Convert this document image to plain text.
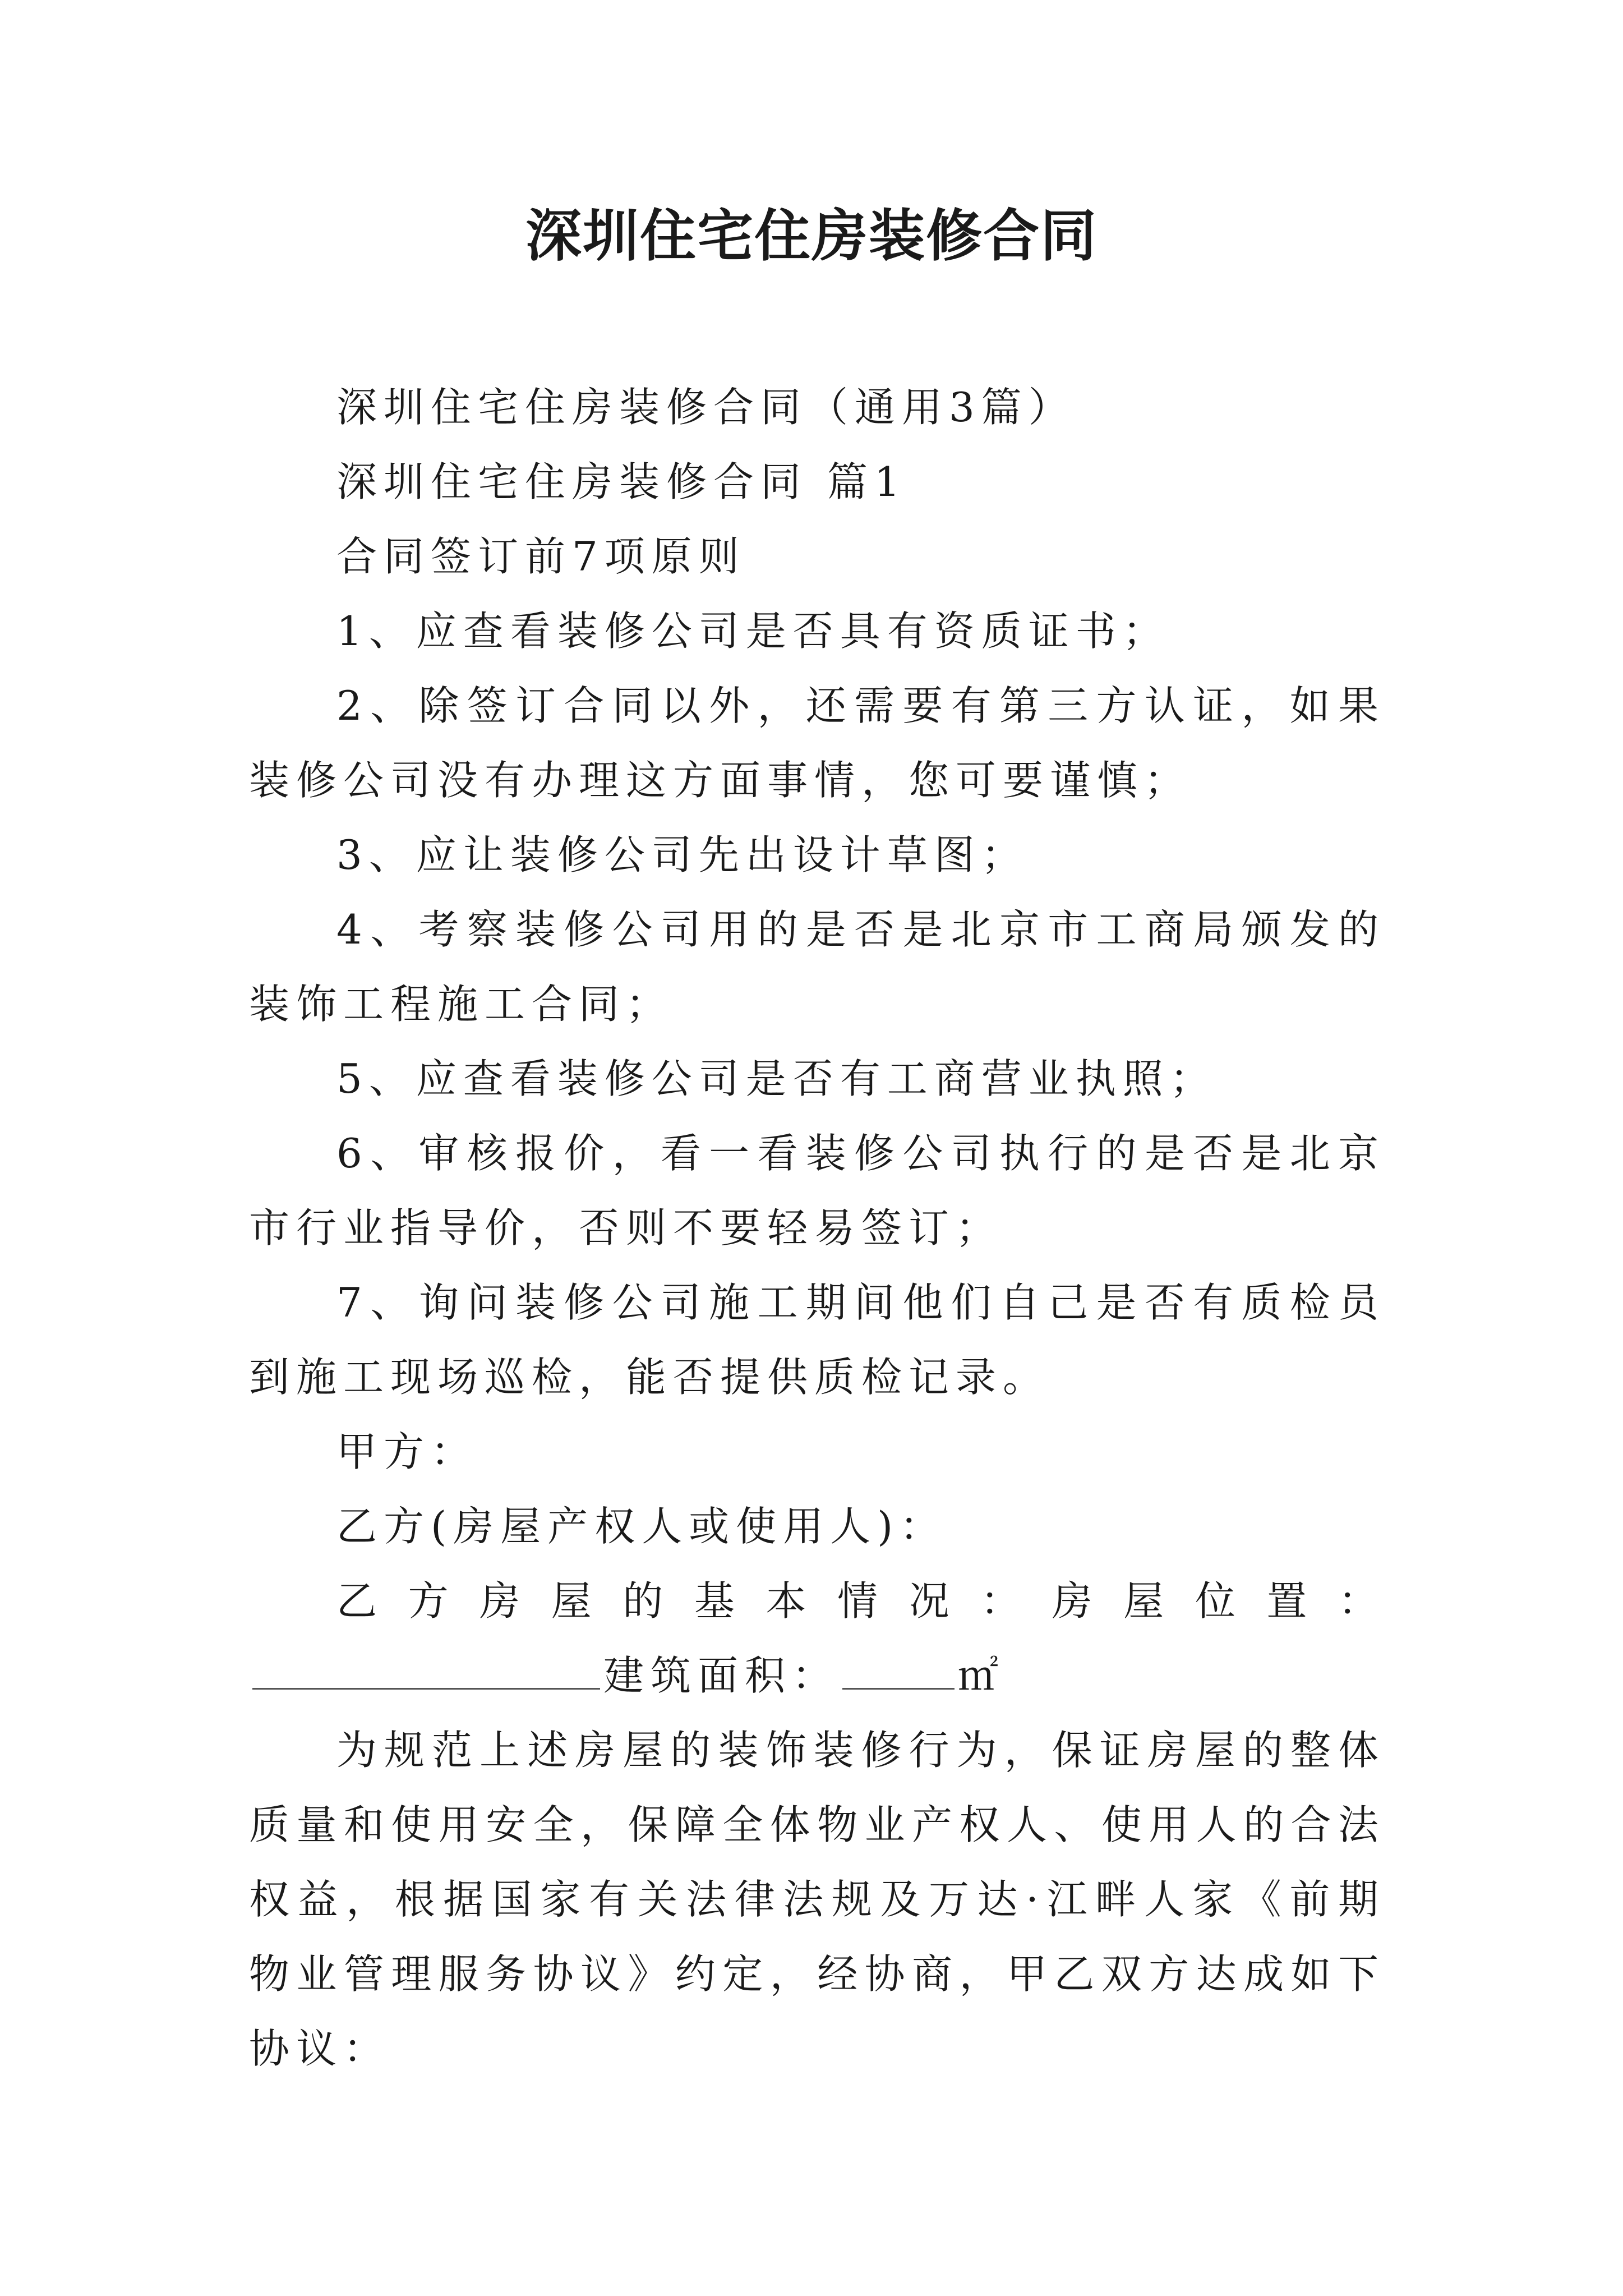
深圳住宅住房装修合同

深圳住宅住房装修合同（通用3篇）

深圳住宅住房装修合同 篇1

合同签订前7项原则

1、应查看装修公司是否具有资质证书；

2、除签订合同以外，还需要有第三方认证，如果装修公司没有办理这方面事情，您可要谨慎；

3、应让装修公司先出设计草图；

4、考察装修公司用的是否是北京市工商局颁发的装饰工程施工合同；

5、应查看装修公司是否有工商营业执照；

6、审核报价，看一看装修公司执行的是否是北京市行业指导价，否则不要轻易签订；

7、询问装修公司施工期间他们自己是否有质检员到施工现场巡检，能否提供质检记录。

甲方：

乙方(房屋产权人或使用人)：

乙方房屋的基本情况：房屋位置：建筑面积：	㎡

为规范上述房屋的装饰装修行为，保证房屋的整体质量和使用安全，保障全体物业产权人、使用人的合法权益，根据国家有关法律法规及万达·江畔人家《前期物业管理服务协议》约定，经协商，甲乙双方达成如下协议：
